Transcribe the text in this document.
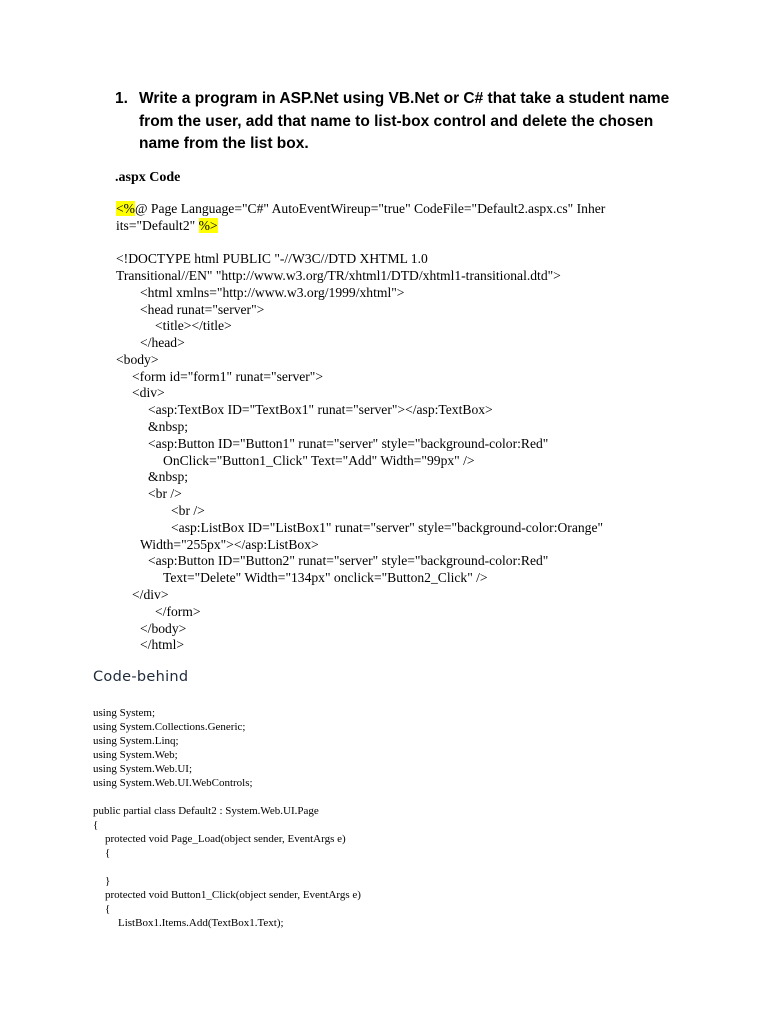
1. Write a program in ASP.Net using VB.Net or C# that take a student name from the user, add that name to list-box control and delete the chosen name from the list box.
.aspx Code

<%@ Page Language="C#" AutoEventWireup="true" CodeFile="Default2.aspx.cs" Inher

its="Default2" %>

<!DOCTYPE html PUBLIC "-//W3C//DTD XHTML 1.0

Transitional//EN" "http://www.w3.org/TR/xhtml1/DTD/xhtml1-transitional.dtd">

<html xmlns="http://www.w3.org/1999/xhtml">

<head runat="server">

<title></title>

</head>

<body>

<form id="form1" runat="server">

<div>

<asp:TextBox ID="TextBox1" runat="server"></asp:TextBox>

&nbsp;

<asp:Button ID="Button1" runat="server" style="background-color:Red"

OnClick="Button1_Click" Text="Add" Width="99px" />

&nbsp;

<br />

<br />

<asp:ListBox ID="ListBox1" runat="server" style="background-color:Orange"

Width="255px"></asp:ListBox>

<asp:Button ID="Button2" runat="server" style="background-color:Red"

Text="Delete" Width="134px" onclick="Button2_Click" />

</div>

</form>

</body>

</html>

Code-behind

using System;

using System.Collections.Generic;

using System.Linq;

using System.Web;

using System.Web.UI;

using System.Web.UI.WebControls;

public partial class Default2 : System.Web.UI.Page

{

protected void Page_Load(object sender, EventArgs e)

{

}

protected void Button1_Click(object sender, EventArgs e)

{

ListBox1.Items.Add(TextBox1.Text);
